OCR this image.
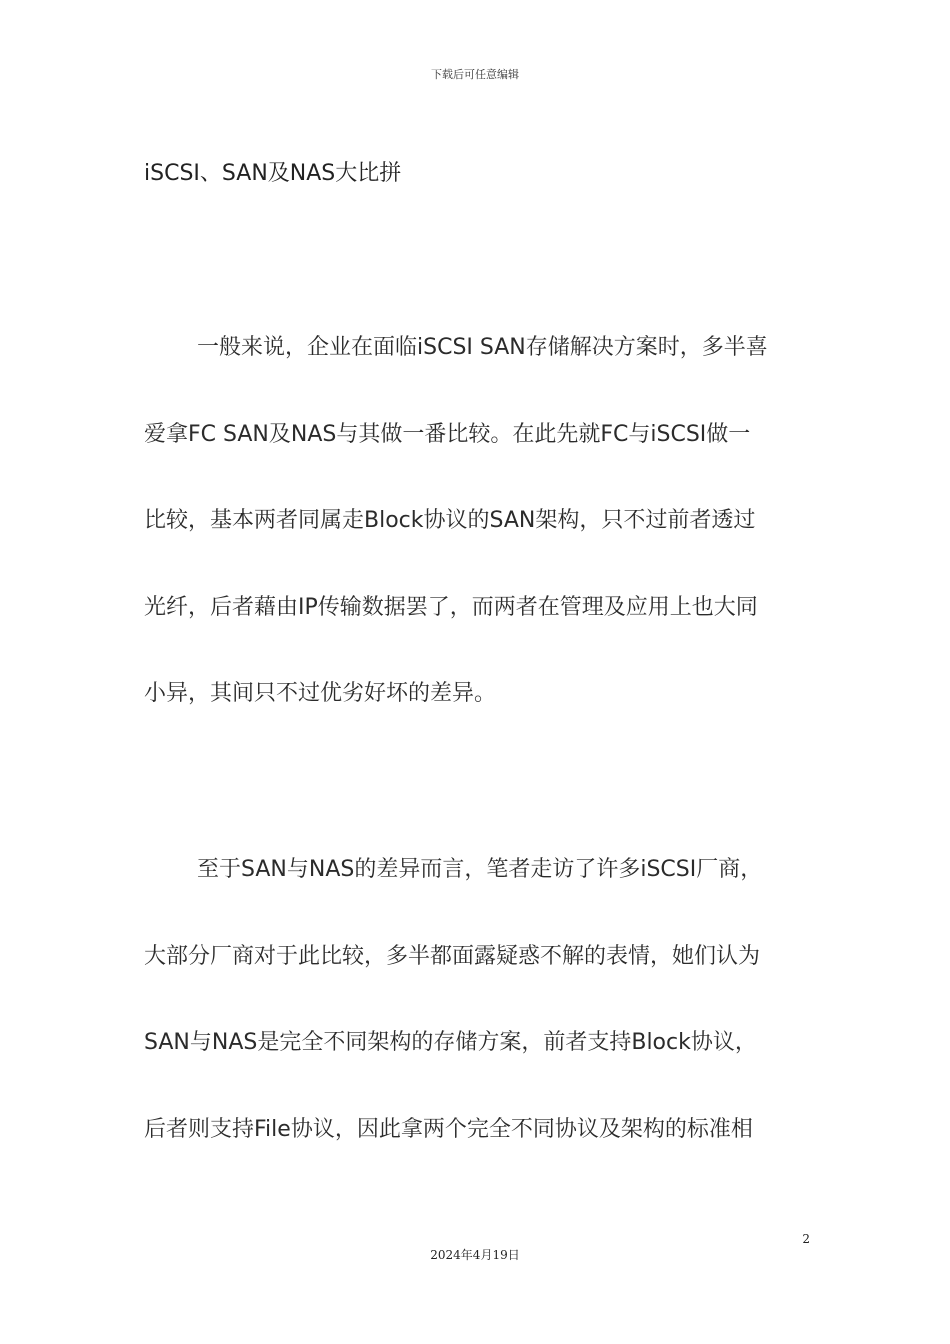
下载后可任意编辑
iSCSI、SAN及NAS大比拼
一般来说，企业在面临iSCSI SAN存储解决方案时，多半喜
爱拿FC SAN及NAS与其做一番比较。在此先就FC与iSCSI做一
比较，基本两者同属走Block协议的SAN架构，只不过前者透过
光纤，后者藉由IP传输数据罢了，而两者在管理及应用上也大同
小异，其间只不过优劣好坏的差异。
至于SAN与NAS的差异而言，笔者走访了许多iSCSI厂商，
大部分厂商对于此比较，多半都面露疑惑不解的表情，她们认为
SAN与NAS是完全不同架构的存储方案，前者支持Block协议，
后者则支持File协议，因此拿两个完全不同协议及架构的标准相
2
2024年4月19日
